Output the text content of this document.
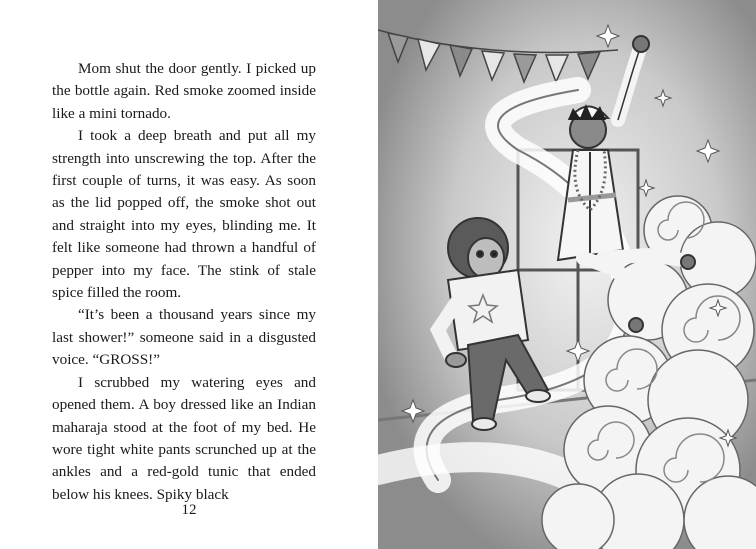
Mom shut the door gently. I picked up the bottle again. Red smoke zoomed inside like a mini tornado.

I took a deep breath and put all my strength into unscrewing the top. After the first couple of turns, it was easy. As soon as the lid popped off, the smoke shot out and straight into my eyes, blinding me. It felt like someone had thrown a handful of pepper into my face. The stink of stale spice filled the room.

“It’s been a thousand years since my last shower!” someone said in a disgusted voice. “GROSS!”

I scrubbed my watering eyes and opened them. A boy dressed like an Indian maharaja stood at the foot of my bed. He wore tight white pants scrunched up at the ankles and a red-gold tunic that ended below his knees. Spiky black

12
